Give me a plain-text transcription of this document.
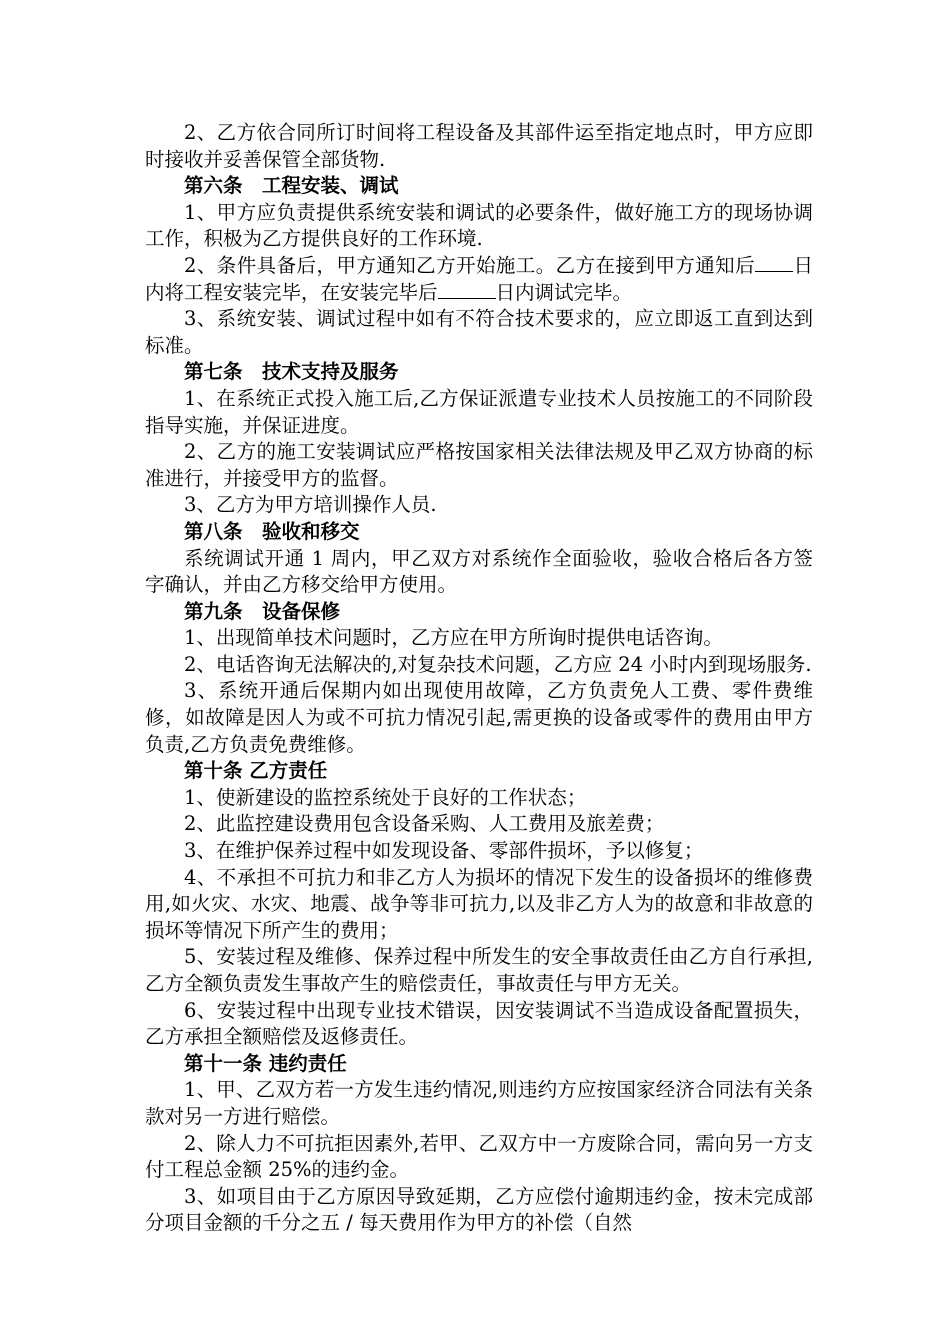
2、乙方依合同所订时间将工程设备及其部件运至指定地点时，甲方应即时接收并妥善保管全部货物.

第六条　工程安装、调试

1、甲方应负责提供系统安装和调试的必要条件，做好施工方的现场协调工作，积极为乙方提供良好的工作环境.

2、条件具备后，甲方通知乙方开始施工。乙方在接到甲方通知后 日内将工程安装完毕，在安装完毕后	日内调试完毕。

3、系统安装、调试过程中如有不符合技术要求的，应立即返工直到达到标准。

第七条　技术支持及服务

1、在系统正式投入施工后,乙方保证派遣专业技术人员按施工的不同阶段指导实施，并保证进度。

2、乙方的施工安装调试应严格按国家相关法律法规及甲乙双方协商的标准进行，并接受甲方的监督。

3、乙方为甲方培训操作人员.

第八条　验收和移交

系统调试开通 1 周内，甲乙双方对系统作全面验收，验收合格后各方签字确认，并由乙方移交给甲方使用。

第九条　设备保修

1、出现简单技术问题时，乙方应在甲方所询时提供电话咨询。

2、电话咨询无法解决的,对复杂技术问题，乙方应 24 小时内到现场服务.

3、系统开通后保期内如出现使用故障，乙方负责免人工费、零件费维修，如故障是因人为或不可抗力情况引起,需更换的设备或零件的费用由甲方负责,乙方负责免费维修。

第十条 乙方责任

1、使新建设的监控系统处于良好的工作状态；

2、此监控建设费用包含设备采购、人工费用及旅差费；

3、在维护保养过程中如发现设备、零部件损坏，予以修复；

4、不承担不可抗力和非乙方人为损坏的情况下发生的设备损坏的维修费用,如火灾、水灾、地震、战争等非可抗力,以及非乙方人为的故意和非故意的损坏等情况下所产生的费用；

5、安装过程及维修、保养过程中所发生的安全事故责任由乙方自行承担,乙方全额负责发生事故产生的赔偿责任，事故责任与甲方无关。

6、安装过程中出现专业技术错误，因安装调试不当造成设备配置损失，乙方承担全额赔偿及返修责任。

第十一条 违约责任

1、甲、乙双方若一方发生违约情况,则违约方应按国家经济合同法有关条款对另一方进行赔偿。

2、除人力不可抗拒因素外,若甲、乙双方中一方废除合同，需向另一方支付工程总金额 25%的违约金。

3、如项目由于乙方原因导致延期，乙方应偿付逾期违约金，按未完成部分项目金额的千分之五 / 每天费用作为甲方的补偿（自然
